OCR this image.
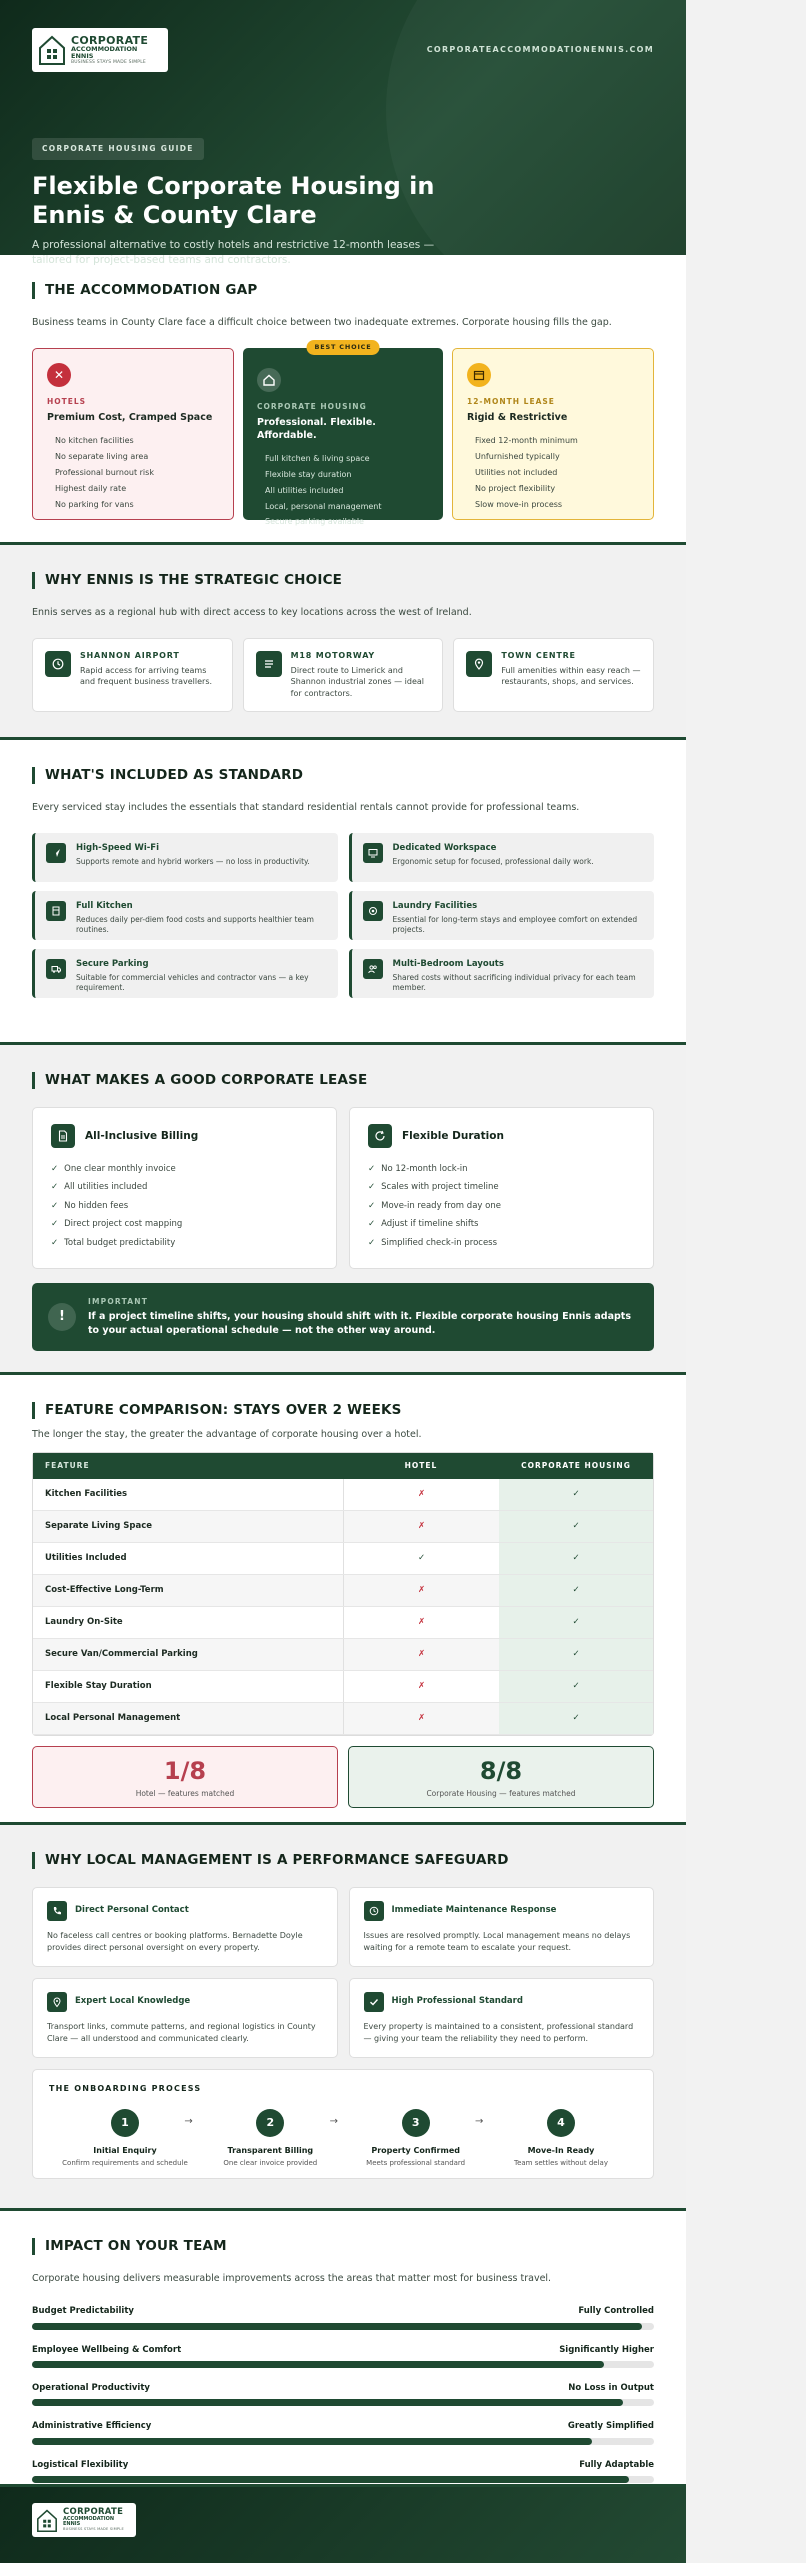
CORPORATE
ACCOMMODATION ENNIS
BUSINESS STAYS MADE SIMPLE
CORPORATEACCOMMODATIONENNIS.COM
CORPORATE HOUSING GUIDE
Flexible Corporate Housing in Ennis & County Clare

A professional alternative to costly hotels and restrictive 12-month leases — tailored for project-based teams and contractors.

THE ACCOMMODATION GAP

Business teams in County Clare face a difficult choice between two inadequate extremes. Corporate housing fills the gap.

✕
HOTELS
Premium Cost, Cramped Space
No kitchen facilities
No separate living area
Professional burnout risk
Highest daily rate
No parking for vans
BEST CHOICE
CORPORATE HOUSING
Professional. Flexible. Affordable.
Full kitchen & living space
Flexible stay duration
All utilities included
Local, personal management
Secure parking available
12-MONTH LEASE
Rigid & Restrictive
Fixed 12-month minimum
Unfurnished typically
Utilities not included
No project flexibility
Slow move-in process
WHY ENNIS IS THE STRATEGIC CHOICE

Ennis serves as a regional hub with direct access to key locations across the west of Ireland.

SHANNON AIRPORT
Rapid access for arriving teams and frequent business travellers.
M18 MOTORWAY
Direct route to Limerick and Shannon industrial zones — ideal for contractors.
TOWN CENTRE
Full amenities within easy reach — restaurants, shops, and services.
WHAT'S INCLUDED AS STANDARD

Every serviced stay includes the essentials that standard residential rentals cannot provide for professional teams.

High-Speed Wi-Fi
Supports remote and hybrid workers — no loss in productivity.
Dedicated Workspace
Ergonomic setup for focused, professional daily work.
Full Kitchen
Reduces daily per-diem food costs and supports healthier team routines.
Laundry Facilities
Essential for long-term stays and employee comfort on extended projects.
Secure Parking
Suitable for commercial vehicles and contractor vans — a key requirement.
Multi-Bedroom Layouts
Shared costs without sacrificing individual privacy for each team member.
WHAT MAKES A GOOD CORPORATE LEASE
All-Inclusive Billing
✓ One clear monthly invoice
✓ All utilities included
✓ No hidden fees
✓ Direct project cost mapping
✓ Total budget predictability
Flexible Duration
✓ No 12-month lock-in
✓ Scales with project timeline
✓ Move-in ready from day one
✓ Adjust if timeline shifts
✓ Simplified check-in process
!
IMPORTANT
If a project timeline shifts, your housing should shift with it. Flexible corporate housing Ennis adapts to your actual operational schedule — not the other way around.
FEATURE COMPARISON: STAYS OVER 2 WEEKS

The longer the stay, the greater the advantage of corporate housing over a hotel.

FEATURE	HOTEL	CORPORATE HOUSING
Kitchen Facilities	✗	✓
Separate Living Space	✗	✓
Utilities Included	✓	✓
Cost-Effective Long-Term	✗	✓
Laundry On-Site	✗	✓
Secure Van/Commercial Parking	✗	✓
Flexible Stay Duration	✗	✓
Local Personal Management	✗	✓
1/8
Hotel — features matched
8/8
Corporate Housing — features matched
WHY LOCAL MANAGEMENT IS A PERFORMANCE SAFEGUARD
Direct Personal Contact
No faceless call centres or booking platforms. Bernadette Doyle provides direct personal oversight on every property.
Immediate Maintenance Response
Issues are resolved promptly. Local management means no delays waiting for a remote team to escalate your request.
Expert Local Knowledge
Transport links, commute patterns, and regional logistics in County Clare — all understood and communicated clearly.
High Professional Standard
Every property is maintained to a consistent, professional standard — giving your team the reliability they need to perform.
THE ONBOARDING PROCESS
1
Initial Enquiry
Confirm requirements and schedule
→	2
Transparent Billing
One clear invoice provided
→	3
Property Confirmed
Meets professional standard
→	4
Move-In Ready
Team settles without delay
IMPACT ON YOUR TEAM

Corporate housing delivers measurable improvements across the areas that matter most for business travel.

Budget Predictability	Fully Controlled
Employee Wellbeing & Comfort	Significantly Higher
Operational Productivity	No Loss in Output
Administrative Efficiency	Greatly Simplified
Logistical Flexibility	Fully Adaptable
CORPORATE
ACCOMMODATION ENNIS
BUSINESS STAYS MADE SIMPLE
